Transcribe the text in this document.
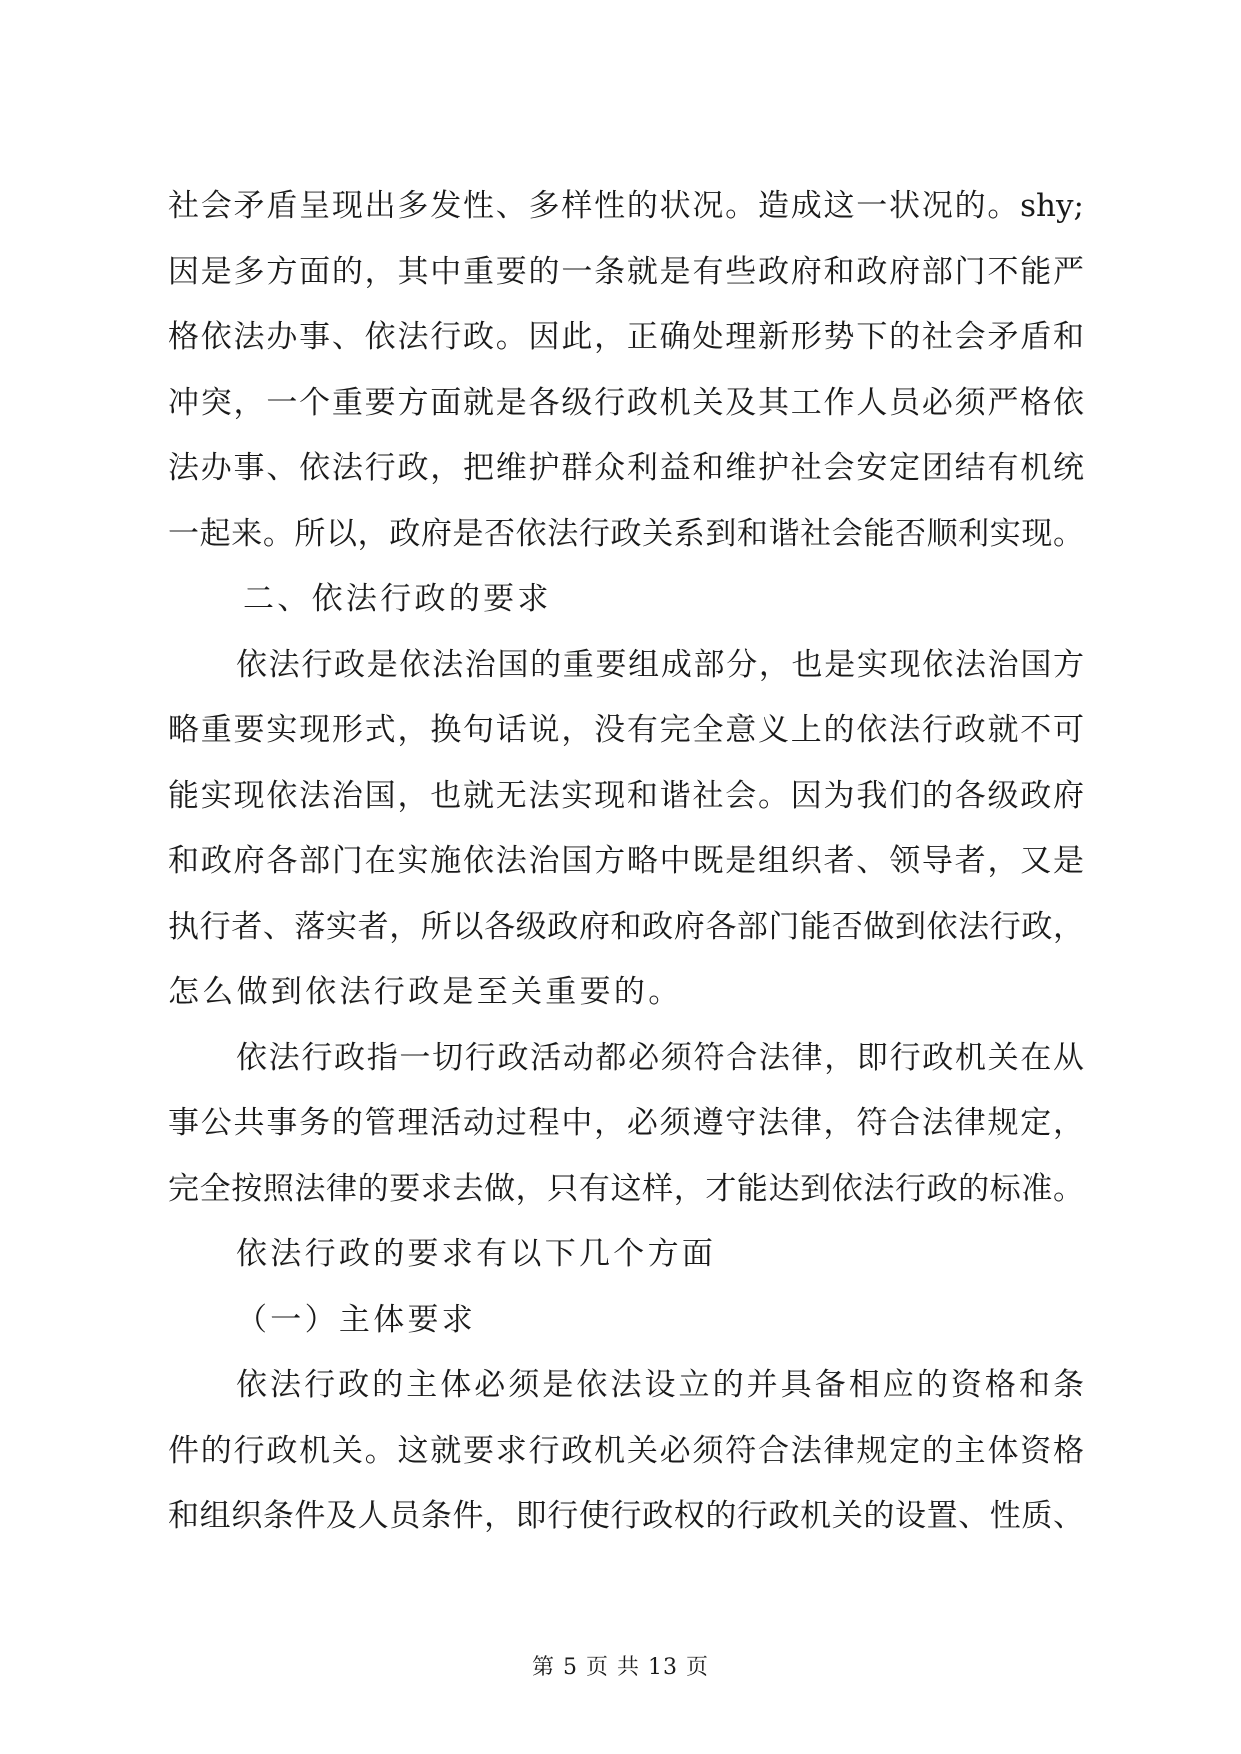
社会矛盾呈现出多发性、多样性的状况。造成这一状况的。shy;
因是多方面的，其中重要的一条就是有些政府和政府部门不能严
格依法办事、依法行政。因此，正确处理新形势下的社会矛盾和
冲突，一个重要方面就是各级行政机关及其工作人员必须严格依
法办事、依法行政，把维护群众利益和维护社会安定团结有机统
一起来。所以，政府是否依法行政关系到和谐社会能否顺利实现。
二、依法行政的要求
依法行政是依法治国的重要组成部分，也是实现依法治国方
略重要实现形式，换句话说，没有完全意义上的依法行政就不可
能实现依法治国，也就无法实现和谐社会。因为我们的各级政府
和政府各部门在实施依法治国方略中既是组织者、领导者，又是
执行者、落实者，所以各级政府和政府各部门能否做到依法行政，
怎么做到依法行政是至关重要的。
依法行政指一切行政活动都必须符合法律，即行政机关在从
事公共事务的管理活动过程中，必须遵守法律，符合法律规定，
完全按照法律的要求去做，只有这样，才能达到依法行政的标准。
依法行政的要求有以下几个方面
（一）主体要求
依法行政的主体必须是依法设立的并具备相应的资格和条
件的行政机关。这就要求行政机关必须符合法律规定的主体资格
和组织条件及人员条件，即行使行政权的行政机关的设置、性质、
第 5 页 共 13 页
